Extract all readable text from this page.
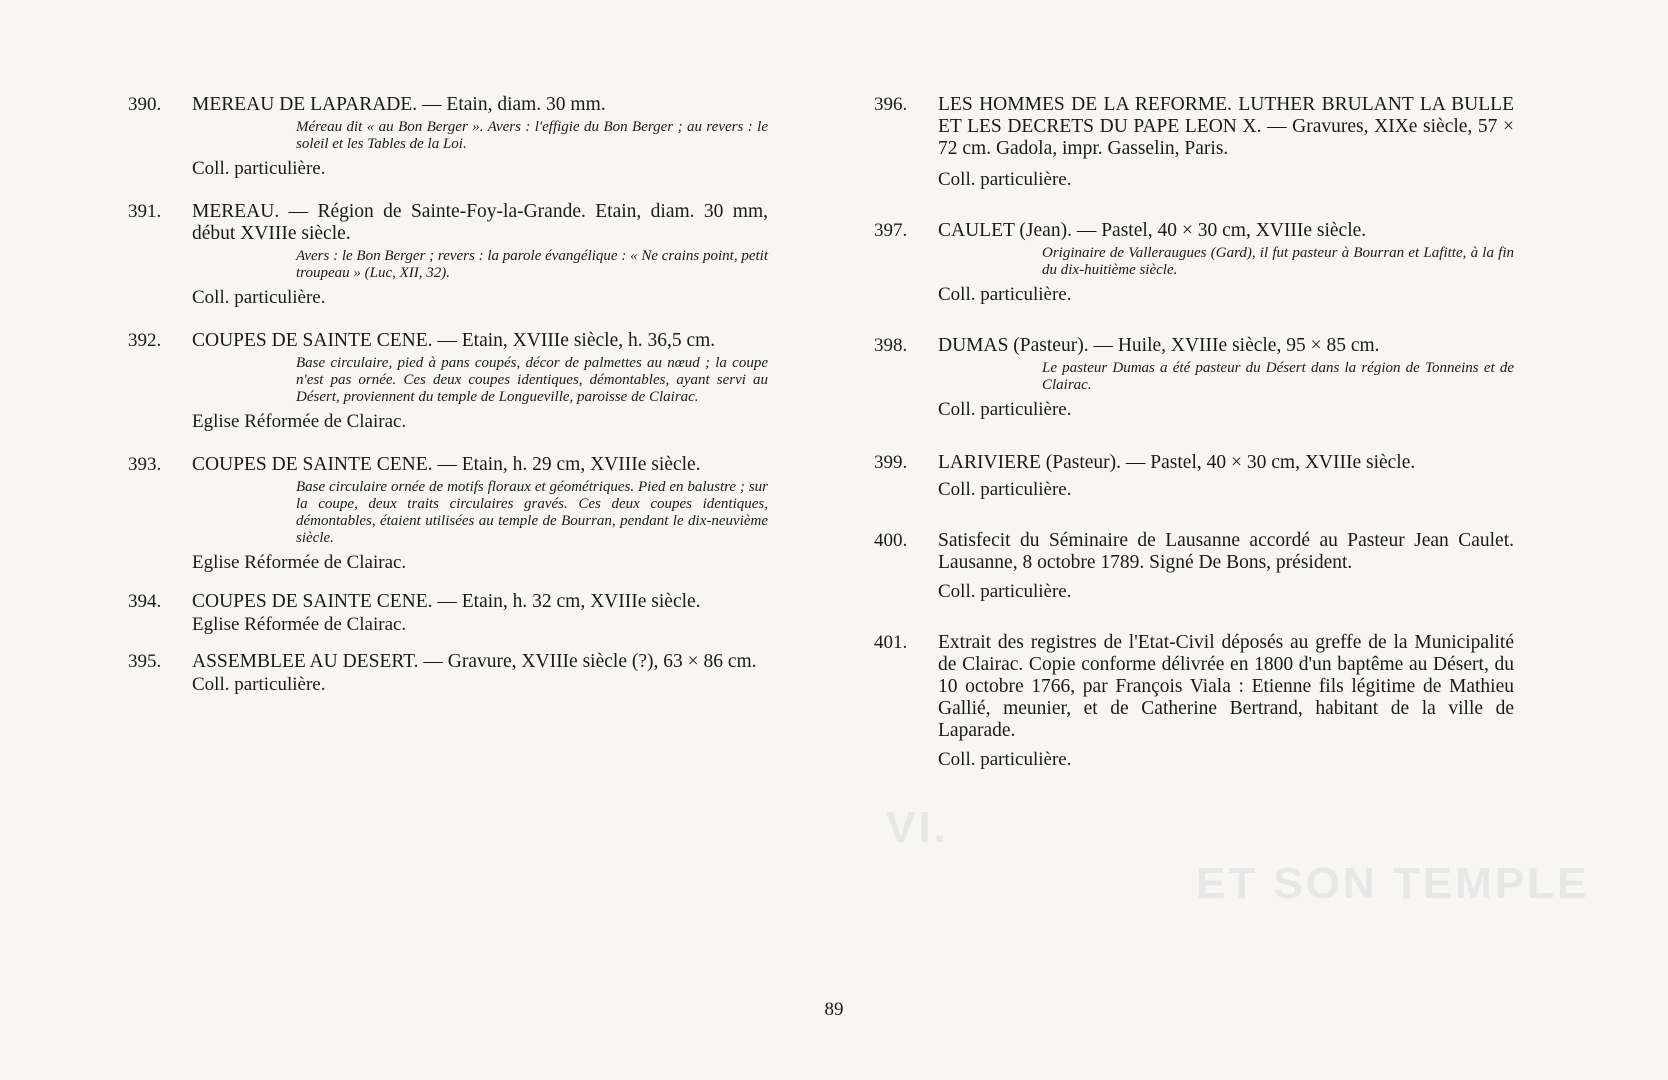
VI.
ET SON TEMPLE
390. MEREAU DE LAPARADE. — Etain, diam. 30 mm.
Méreau dit « au Bon Berger ». Avers : l'effigie du Bon Berger ; au revers : le soleil et les Tables de la Loi.
Coll. particulière.
391. MEREAU. — Région de Sainte-Foy-la-Grande. Etain, diam. 30 mm, début XVIIIe siècle.
Avers : le Bon Berger ; revers : la parole évangélique : « Ne crains point, petit troupeau » (Luc, XII, 32).
Coll. particulière.
392. COUPES DE SAINTE CENE. — Etain, XVIIIe siècle, h. 36,5 cm.
Base circulaire, pied à pans coupés, décor de palmettes au nœud ; la coupe n'est pas ornée. Ces deux coupes identiques, démontables, ayant servi au Désert, proviennent du temple de Longueville, paroisse de Clairac.
Eglise Réformée de Clairac.
393. COUPES DE SAINTE CENE. — Etain, h. 29 cm, XVIIIe siècle.
Base circulaire ornée de motifs floraux et géométriques. Pied en balustre ; sur la coupe, deux traits circulaires gravés. Ces deux coupes identiques, démontables, étaient utilisées au temple de Bourran, pendant le dix-neuvième siècle.
Eglise Réformée de Clairac.
394. COUPES DE SAINTE CENE. — Etain, h. 32 cm, XVIIIe siècle.
Eglise Réformée de Clairac.
395. ASSEMBLEE AU DESERT. — Gravure, XVIIIe siècle (?), 63 × 86 cm.
Coll. particulière.
396. LES HOMMES DE LA REFORME. LUTHER BRULANT LA BULLE ET LES DECRETS DU PAPE LEON X. — Gravures, XIXe siècle, 57 × 72 cm. Gadola, impr. Gasselin, Paris.
Coll. particulière.
397. CAULET (Jean). — Pastel, 40 × 30 cm, XVIIIe siècle.
Originaire de Valleraugues (Gard), il fut pasteur à Bourran et Lafitte, à la fin du dix-huitième siècle.
Coll. particulière.
398. DUMAS (Pasteur). — Huile, XVIIIe siècle, 95 × 85 cm.
Le pasteur Dumas a été pasteur du Désert dans la région de Tonneins et de Clairac.
Coll. particulière.
399. LARIVIERE (Pasteur). — Pastel, 40 × 30 cm, XVIIIe siècle.
Coll. particulière.
400. Satisfecit du Séminaire de Lausanne accordé au Pasteur Jean Caulet. Lausanne, 8 octobre 1789. Signé De Bons, président.
Coll. particulière.
401. Extrait des registres de l'Etat-Civil déposés au greffe de la Municipalité de Clairac. Copie conforme délivrée en 1800 d'un baptême au Désert, du 10 octobre 1766, par François Viala : Etienne fils légitime de Mathieu Gallié, meunier, et de Catherine Bertrand, habitant de la ville de Laparade.
Coll. particulière.
89
